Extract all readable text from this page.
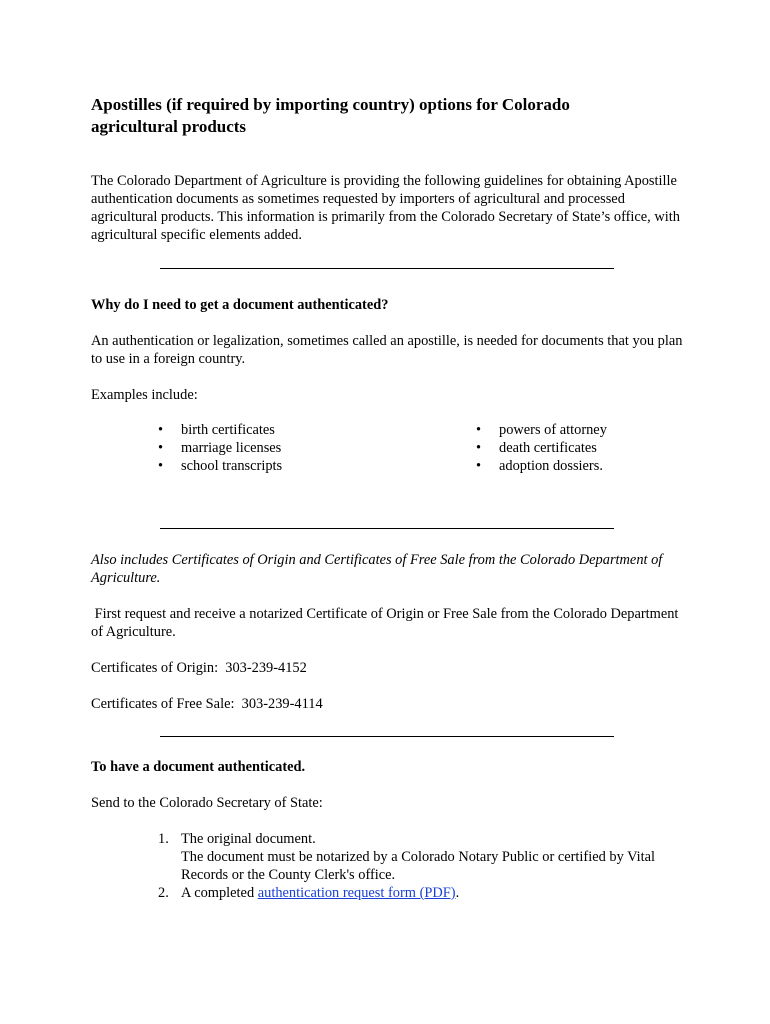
Apostilles (if required by importing country) options for Colorado agricultural products

The Colorado Department of Agriculture is providing the following guidelines for obtaining Apostille authentication documents as sometimes requested by importers of agricultural and processed agricultural products. This information is primarily from the Colorado Secretary of State’s office, with agricultural specific elements added.

Why do I need to get a document authenticated?

An authentication or legalization, sometimes called an apostille, is needed for documents that you plan to use in a foreign country.

Examples include:

• birth certificates
• marriage licenses
• school transcripts
• powers of attorney
• death certificates
• adoption dossiers.

Also includes Certificates of Origin and Certificates of Free Sale from the Colorado Department of Agriculture.

First request and receive a notarized Certificate of Origin or Free Sale from the Colorado Department of Agriculture.

Certificates of Origin:  303-239-4152

Certificates of Free Sale:  303-239-4114

To have a document authenticated.

Send to the Colorado Secretary of State:

1. The original document.
The document must be notarized by a Colorado Notary Public or certified by Vital Records or the County Clerk's office.
2. A completed authentication request form (PDF).
